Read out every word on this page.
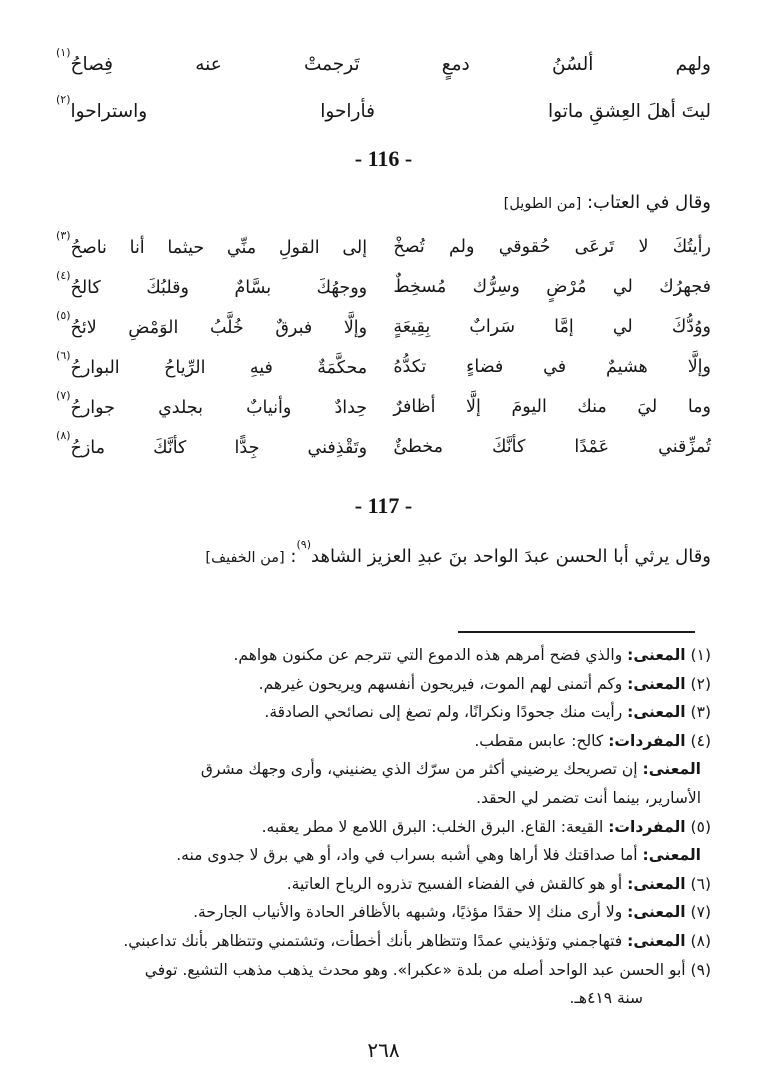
ولهم
ألسُنُ
دمعٍ
تَرجمتْ
عنه
فِصاحُ$^{(١)}$
ليتَ أهلَ العِشقِ ماتوا
فأراحوا
واستراحوا$^{(٢)}$
- 116 -
وقال في العتاب: [من الطويل]
رأيتُكَ
لا
تَرعَى
حُقوقي
ولم
تُصخْ
إلى
القولِ
منِّي
حيثما
أنا
ناصحُ$^{(٣)}$
فجهرُك
لي
مُرْضٍ
وسِرُّك
مُسخِطٌ
ووجهُكَ
بسَّامٌ
وقلبُكَ
كالحُ$^{(٤)}$
ووُدُّكَ
لي
إمَّا
سَرابٌ
بِقِيعَةٍ
وإلَّا
فبرقٌ
خُلَّبُ
الوَمْضِ
لائحُ$^{(٥)}$
وإلَّا
هشيمٌ
في
فضاءٍ
تكدُّهُ
محكَّمَةٌ
فيهِ
الرِّياحُ
البوارحُ$^{(٦)}$
وما
ليَ
منك
اليومَ
إلَّا
أظافرٌ
حِدادٌ
وأنيابٌ
بجلدي
جوارحُ$^{(٧)}$
تُمزِّقني
عَمْدًا
كأنَّكَ
مخطئٌ
وتَقْذِفني
جِدًّا
كأنَّكَ
مازحُ$^{(٨)}$
- 117 -
وقال يرثي أبا الحسن عبدَ الواحد بنَ عبدِ العزيز الشاهد$^{(٩)}$: [من الخفيف]
(١) المعنى: والذي فضح أمرهم هذه الدموع التي تترجم عن مكنون هواهم.
(٢) المعنى: وكم أتمنى لهم الموت، فيريحون أنفسهم ويريحون غيرهم.
(٣) المعنى: رأيت منك جحودًا ونكرانًا، ولم تصغ إلى نصائحي الصادقة.
(٤) المفردات: كالح: عابس مقطب.
المعنى: إن تصريحك يرضيني أكثر من سرّك الذي يضنيني، وأرى وجهك مشرق
الأسارير، بينما أنت تضمر لي الحقد.
(٥) المفردات: القيعة: القاع. البرق الخلب: البرق اللامع لا مطر يعقبه.
المعنى: أما صداقتك فلا أراها وهي أشبه بسراب في واد، أو هي برق لا جدوى منه.
(٦) المعنى: أو هو كالقش في الفضاء الفسيح تذروه الرياح العاتية.
(٧) المعنى: ولا أرى منك إلا حقدًا مؤذيًا، وشبهه بالأظافر الحادة والأنياب الجارحة.
(٨) المعنى: فتهاجمني وتؤذيني عمدًا وتتظاهر بأنك أخطأت، وتشتمني وتتظاهر بأنك تداعبني.
(٩) أبو الحسن عبد الواحد أصله من بلدة «عكبرا». وهو محدث يذهب مذهب التشيع. توفي
سنة ٤١٩هـ.
٢٦٨
